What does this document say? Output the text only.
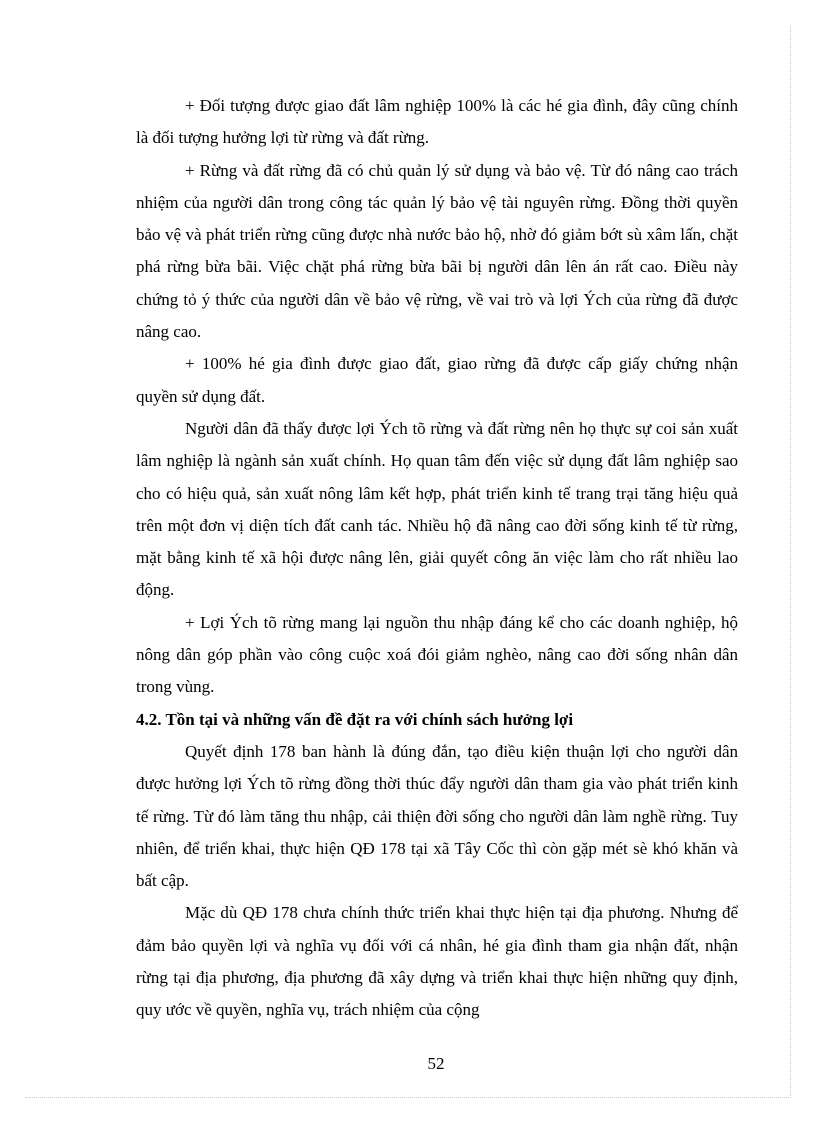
+ Đối tượng được giao đất lâm nghiệp 100% là các hé gia đình, đây cũng chính là đối tượng hưởng lợi từ rừng và đất rừng.

+ Rừng và đất rừng đã có chủ quản lý sử dụng và bảo vệ. Từ đó nâng cao trách nhiệm của người dân trong công tác quản lý bảo vệ tài nguyên rừng. Đồng thời quyền bảo vệ và phát triển rừng cũng được nhà nước bảo hộ, nhờ đó giảm bớt sù xâm lấn, chặt phá rừng bừa bãi. Việc chặt phá rừng bừa bãi bị người dân lên án rất cao. Điều này chứng tỏ ý thức của người dân về bảo vệ rừng, về vai trò và lợi Ých của rừng đã được nâng cao.

+ 100% hé gia đình được giao đất, giao rừng đã được cấp giấy chứng nhận quyền sử dụng đất.

Người dân đã thấy được lợi Ých tõ rừng và đất rừng nên họ thực sự coi sản xuất lâm nghiệp là ngành sản xuất chính. Họ quan tâm đến việc sử dụng đất lâm nghiệp sao cho có hiệu quả, sản xuất nông lâm kết hợp, phát triển kinh tế trang trại tăng hiệu quả trên một đơn vị diện tích đất canh tác. Nhiều hộ đã nâng cao đời sống kinh tế từ rừng, mặt bằng kinh tế xã hội được nâng lên, giải quyết công ăn việc làm cho rất nhiều lao động.

+ Lợi Ých tõ rừng mang lại nguồn thu nhập đáng kể cho các doanh nghiệp, hộ nông dân góp phần vào công cuộc xoá đói giảm nghèo, nâng cao đời sống nhân dân trong vùng.

4.2. Tồn tại và những vấn đề đặt ra với chính sách hưởng lợi

Quyết định 178 ban hành là đúng đắn, tạo điều kiện thuận lợi cho người dân được hưởng lợi Ých tõ rừng đồng thời thúc đẩy người dân tham gia vào phát triển kinh tế rừng. Từ đó làm tăng thu nhập, cải thiện đời sống cho người dân làm nghề rừng. Tuy nhiên, để triển khai, thực hiện QĐ 178 tại xã Tây Cốc thì còn gặp mét sè khó khăn và bất cập.

Mặc dù QĐ 178 chưa chính thức triển khai thực hiện tại địa phương. Nhưng để đảm bảo quyền lợi và nghĩa vụ đối với cá nhân, hé gia đình tham gia nhận đất, nhận rừng tại địa phương, địa phương đã xây dựng và triển khai thực hiện những quy định, quy ước về quyền, nghĩa vụ, trách nhiệm của cộng

52
